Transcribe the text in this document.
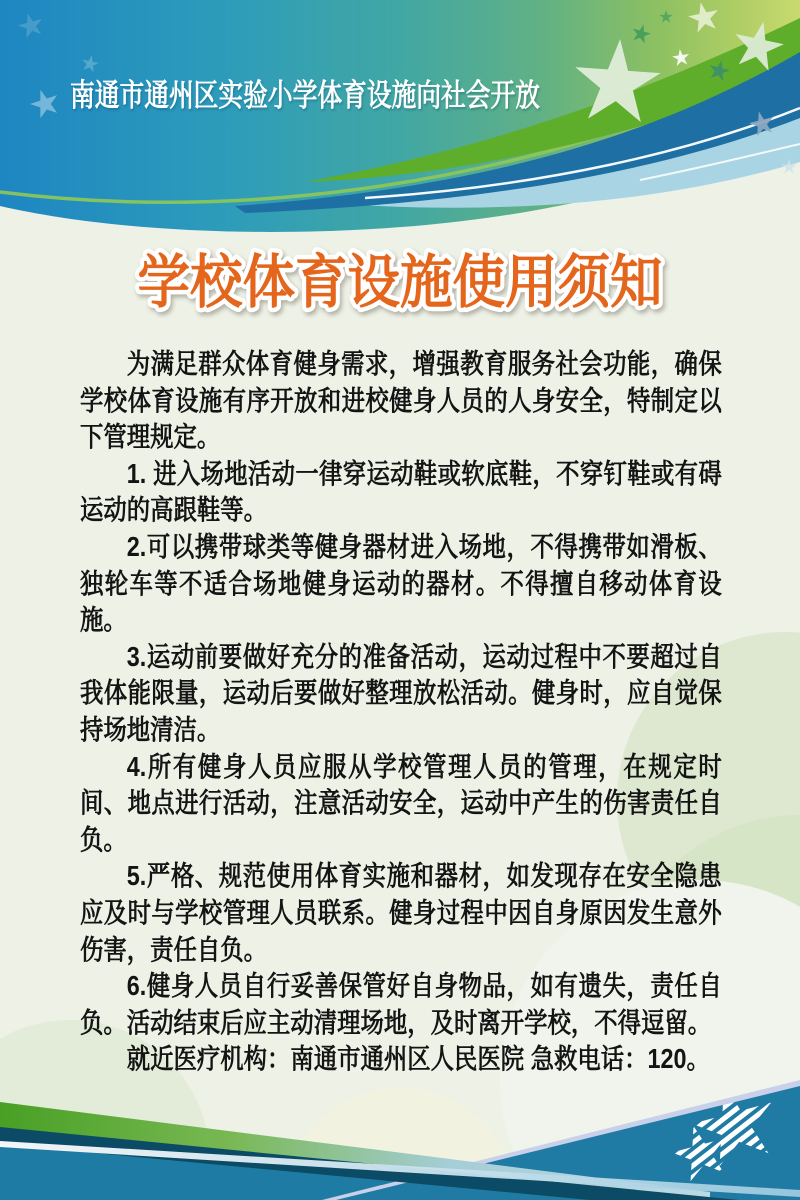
南通市通州区实验小学体育设施向社会开放
学校体育设施使用须知

为满足群众体育健身需求，增强教育服务社会功能，确保学校体育设施有序开放和进校健身人员的人身安全，特制定以下管理规定。

1. 进入场地活动一律穿运动鞋或软底鞋，不穿钉鞋或有碍运动的高跟鞋等。

2.可以携带球类等健身器材进入场地，不得携带如滑板、独轮车等不适合场地健身运动的器材。不得擅自移动体育设施。

3.运动前要做好充分的准备活动，运动过程中不要超过自我体能限量，运动后要做好整理放松活动。健身时，应自觉保持场地清洁。

4.所有健身人员应服从学校管理人员的管理，在规定时间、地点进行活动，注意活动安全，运动中产生的伤害责任自负。

5.严格、规范使用体育实施和器材，如发现存在安全隐患应及时与学校管理人员联系。健身过程中因自身原因发生意外伤害，责任自负。

6.健身人员自行妥善保管好自身物品，如有遗失，责任自负。活动结束后应主动清理场地，及时离开学校，不得逗留。

就近医疗机构：南通市通州区人民医院 急救电话：120。
